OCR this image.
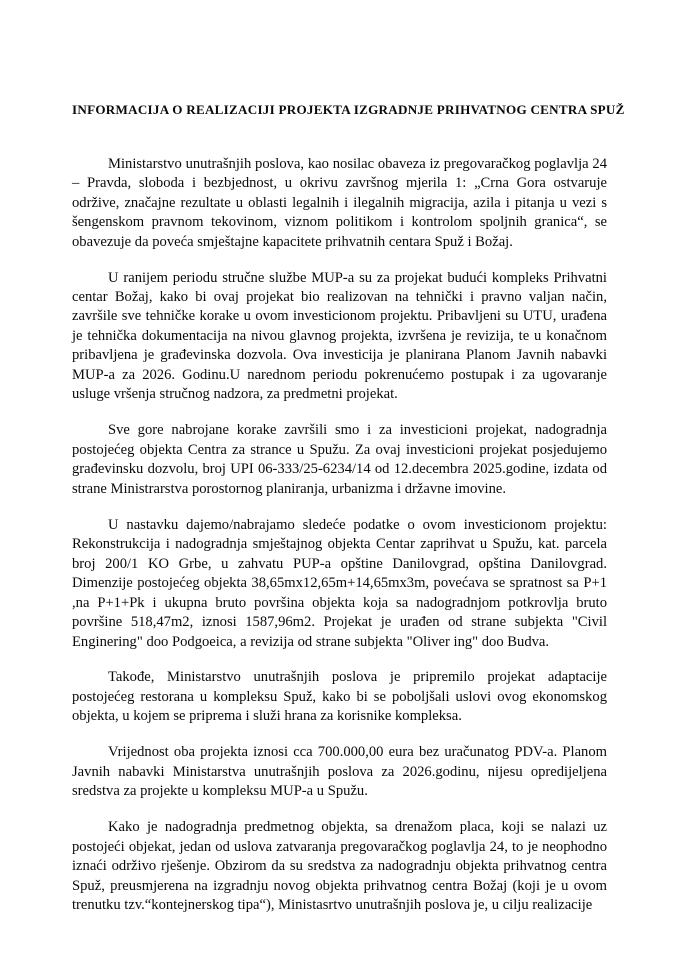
INFORMACIJA O REALIZACIJI PROJEKTA IZGRADNJE PRIHVATNOG CENTRA SPUŽ

Ministarstvo unutrašnjih poslova, kao nosilac obaveza iz pregovaračkog poglavlja 24 – Pravda, sloboda i bezbjednost, u okrivu završnog mjerila 1: „Crna Gora ostvaruje održive, značajne rezultate u oblasti legalnih i ilegalnih migracija, azila i pitanja u vezi s šengenskom pravnom tekovinom, viznom politikom i kontrolom spoljnih granica“, se obavezuje da poveća smještajne kapacitete prihvatnih centara Spuž i Božaj.

U ranijem periodu stručne službe MUP-a su za projekat budući kompleks Prihvatni centar Božaj, kako bi ovaj projekat bio realizovan na tehnički i pravno valjan način, završile sve tehničke korake u ovom investicionom projektu. Pribavljeni su UTU, urađena je tehnička dokumentacija na nivou glavnog projekta, izvršena je revizija, te u konačnom pribavljena je građevinska dozvola. Ova investicija je planirana Planom Javnih nabavki MUP-a za 2026. Godinu.U narednom periodu pokrenućemo postupak i za ugovaranje usluge vršenja stručnog nadzora, za predmetni projekat.

Sve gore nabrojane korake završili smo i za investicioni projekat, nadogradnja postojećeg objekta Centra za strance u Spužu. Za ovaj investicioni projekat posjedujemo građevinsku dozvolu, broj UPI 06-333/25-6234/14 od 12.decembra 2025.godine, izdata od strane Ministrarstva porostornog planiranja, urbanizma i državne imovine.

U nastavku dajemo/nabrajamo sledeće podatke o ovom investicionom projektu: Rekonstrukcija i nadogradnja smještajnog objekta Centar zaprihvat u Spužu, kat. parcela broj 200/1 KO Grbe, u zahvatu PUP-a opštine Danilovgrad, opština Danilovgrad. Dimenzije postojećeg objekta 38,65mx12,65m+14,65mx3m, povećava se spratnost sa P+1 ,na P+1+Pk i ukupna bruto površina objekta koja sa nadogradnjom potkrovlja bruto površine 518,47m2, iznosi 1587,96m2. Projekat je urađen od strane subjekta "Civil Enginering" doo Podgoeica, a revizija od strane subjekta "Oliver ing" doo Budva.

Takođe, Ministarstvo unutrašnjih poslova je pripremilo projekat adaptacije postojećeg restorana u kompleksu Spuž, kako bi se poboljšali uslovi ovog ekonomskog objekta, u kojem se priprema i služi hrana za korisnike kompleksa.

Vrijednost oba projekta iznosi cca 700.000,00 eura bez uračunatog PDV-a. Planom Javnih nabavki Ministarstva unutrašnjih poslova za 2026.godinu, nijesu opredijeljena sredstva za projekte u kompleksu MUP-a u Spužu.

Kako je nadogradnja predmetnog objekta, sa drenažom placa, koji se nalazi uz postojeći objekat, jedan od uslova zatvaranja pregovaračkog poglavlja 24, to je neophodno iznaći održivo rješenje. Obzirom da su sredstva za nadogradnju objekta prihvatnog centra Spuž, preusmjerena na izgradnju novog objekta prihvatnog centra Božaj (koji je u ovom trenutku tzv.“kontejnerskog tipa“), Ministasrtvo unutrašnjih poslova je, u cilju realizacije
